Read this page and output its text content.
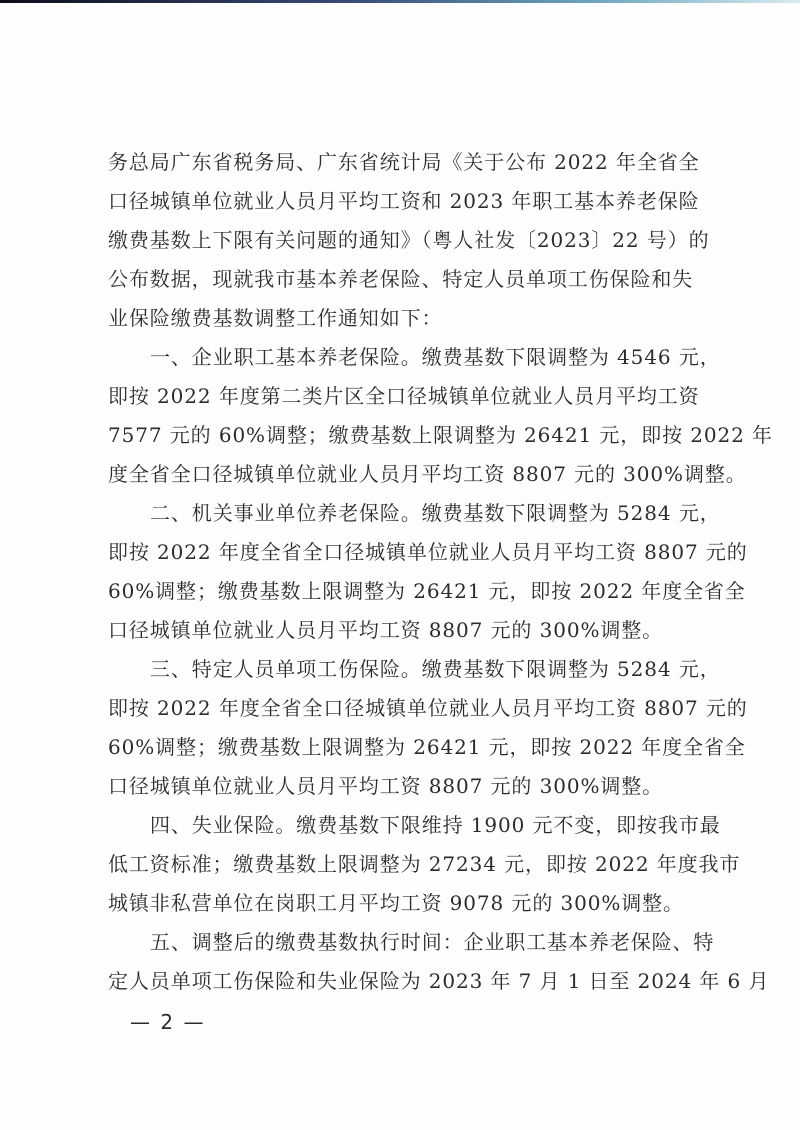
务总局广东省税务局、广东省统计局《关于公布 2022 年全省全
口径城镇单位就业人员月平均工资和 2023 年职工基本养老保险
缴费基数上下限有关问题的通知》（粤人社发〔2023〕22 号）的
公布数据，现就我市基本养老保险、特定人员单项工伤保险和失
业保险缴费基数调整工作通知如下：
一、企业职工基本养老保险。缴费基数下限调整为 4546 元，
即按 2022 年度第二类片区全口径城镇单位就业人员月平均工资
7577 元的 60%调整；缴费基数上限调整为 26421 元，即按 2022 年
度全省全口径城镇单位就业人员月平均工资 8807 元的 300%调整。
二、机关事业单位养老保险。缴费基数下限调整为 5284 元，
即按 2022 年度全省全口径城镇单位就业人员月平均工资 8807 元的
60%调整；缴费基数上限调整为 26421 元，即按 2022 年度全省全
口径城镇单位就业人员月平均工资 8807 元的 300%调整。
三、特定人员单项工伤保险。缴费基数下限调整为 5284 元，
即按 2022 年度全省全口径城镇单位就业人员月平均工资 8807 元的
60%调整；缴费基数上限调整为 26421 元，即按 2022 年度全省全
口径城镇单位就业人员月平均工资 8807 元的 300%调整。
四、失业保险。缴费基数下限维持 1900 元不变，即按我市最
低工资标准；缴费基数上限调整为 27234 元，即按 2022 年度我市
城镇非私营单位在岗职工月平均工资 9078 元的 300%调整。
五、调整后的缴费基数执行时间：企业职工基本养老保险、特
定人员单项工伤保险和失业保险为 2023 年 7 月 1 日至 2024 年 6 月
— 2 —
